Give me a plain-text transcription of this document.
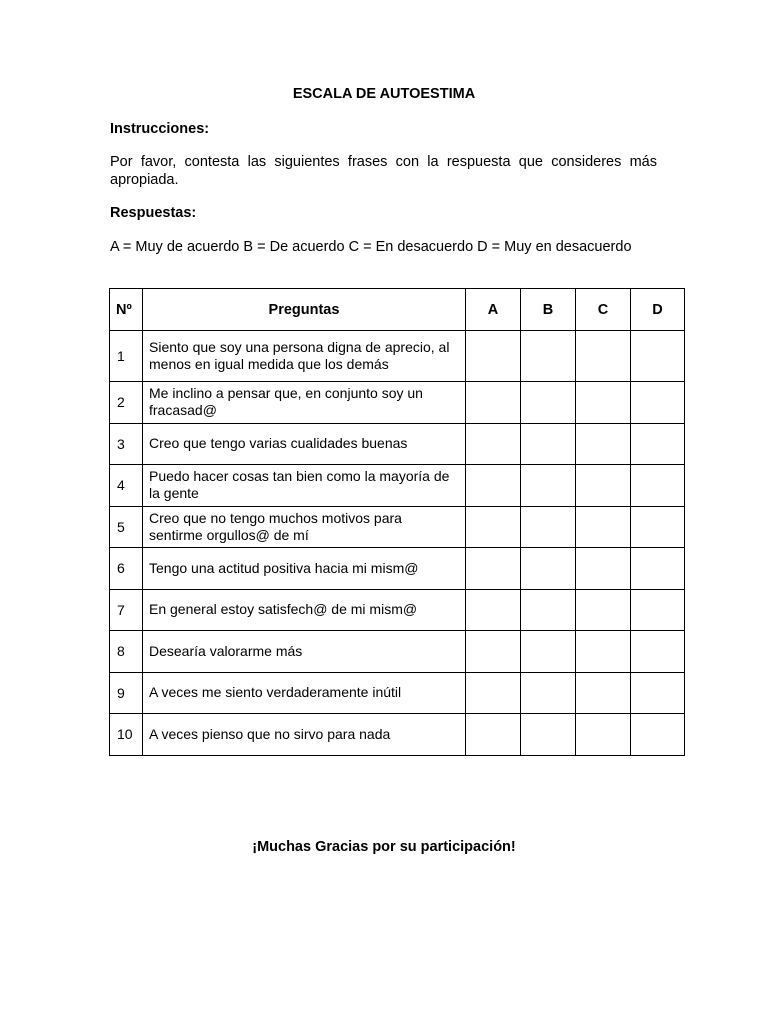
ESCALA DE AUTOESTIMA
Instrucciones:
Por favor, contesta las siguientes frases con la respuesta que consideres más apropiada.
Respuestas:
A = Muy de acuerdo B = De acuerdo C = En desacuerdo D = Muy en desacuerdo
Nº	Preguntas	A	B	C	D
1	Siento que soy una persona digna de aprecio, al menos en igual medida que los demás				
2	Me inclino a pensar que, en conjunto soy un fracasad@				
3	Creo que tengo varias cualidades buenas				
4	Puedo hacer cosas tan bien como la mayoría de la gente				
5	Creo que no tengo muchos motivos para sentirme orgullos@ de mí				
6	Tengo una actitud positiva hacia mi mism@				
7	En general estoy satisfech@ de mi mism@				
8	Desearía valorarme más				
9	A veces me siento verdaderamente inútil				
10	A veces pienso que no sirvo para nada				
¡Muchas Gracias por su participación!
